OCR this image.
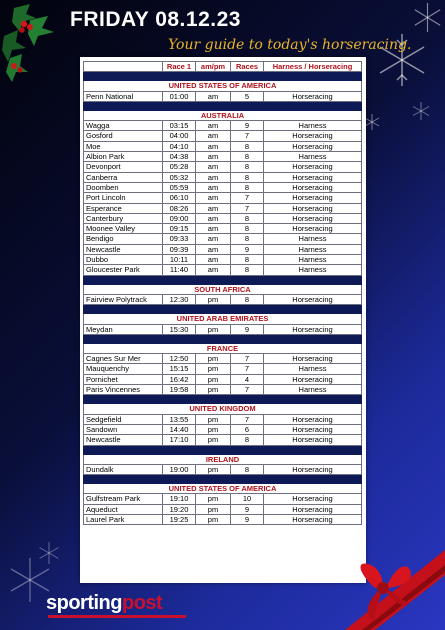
FRIDAY 08.12.23
Your guide to today's horseracing.
	Race 1	am/pm	Races	Harness / Horseracing

UNITED STATES OF AMERICA				
Penn National	01:00	am	5	Horseracing

AUSTRALIA				
Wagga	03:15	am	9	Harness
Gosford	04:00	am	7	Horseracing
Moe	04:10	am	8	Horseracing
Albion Park	04:38	am	8	Harness
Devonport	05:28	am	8	Horseracing
Canberra	05:32	am	8	Horseracing
Doomben	05:59	am	8	Horseracing
Port Lincoln	06:10	am	7	Horseracing
Esperance	08:26	am	7	Horseracing
Canterbury	09:00	am	8	Horseracing
Moonee Valley	09:15	am	8	Horseracing
Bendigo	09:33	am	8	Harness
Newcastle	09:39	am	9	Harness
Dubbo	10:11	am	8	Harness
Gloucester Park	11:40	am	8	Harness

SOUTH AFRICA				
Fairview Polytrack	12:30	pm	8	Horseracing

UNITED ARAB EMIRATES				
Meydan	15:30	pm	9	Horseracing

FRANCE				
Cagnes Sur Mer	12:50	pm	7	Horseracing
Mauquenchy	15:15	pm	7	Harness
Pornichet	16:42	pm	4	Horseracing
Paris Vincennes	19:58	pm	7	Harness

UNITED KINGDOM				
Sedgefield	13:55	pm	7	Horseracing
Sandown	14:40	pm	6	Horseracing
Newcastle	17:10	pm	8	Horseracing

IRELAND				
Dundalk	19:00	pm	8	Horseracing

UNITED STATES OF AMERICA				
Gulfstream Park	19:10	pm	10	Horseracing
Aqueduct	19:20	pm	9	Horseracing
Laurel Park	19:25	pm	9	Horseracing
sportingpost
